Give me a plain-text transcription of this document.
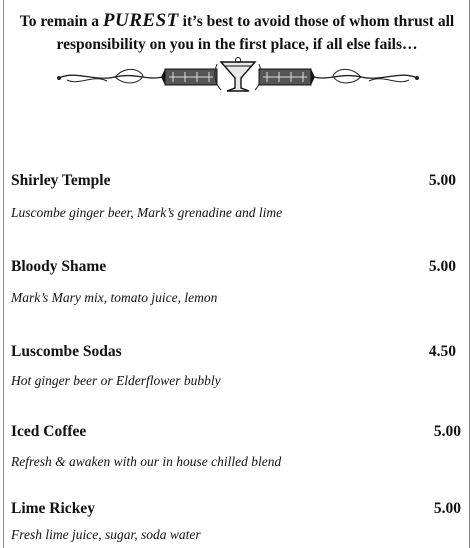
To remain a PUREST it’s best to avoid those of whom thrust all
responsibility on you in the first place, if all else fails…
Shirley Temple	5.00
Luscombe ginger beer, Mark’s grenadine and lime
Bloody Shame	5.00
Mark’s Mary mix, tomato juice, lemon
Luscombe Sodas	4.50
Hot ginger beer or Elderflower bubbly
Iced Coffee	5.00
Refresh & awaken with our in house chilled blend
Lime Rickey	5.00
Fresh lime juice, sugar, soda water
